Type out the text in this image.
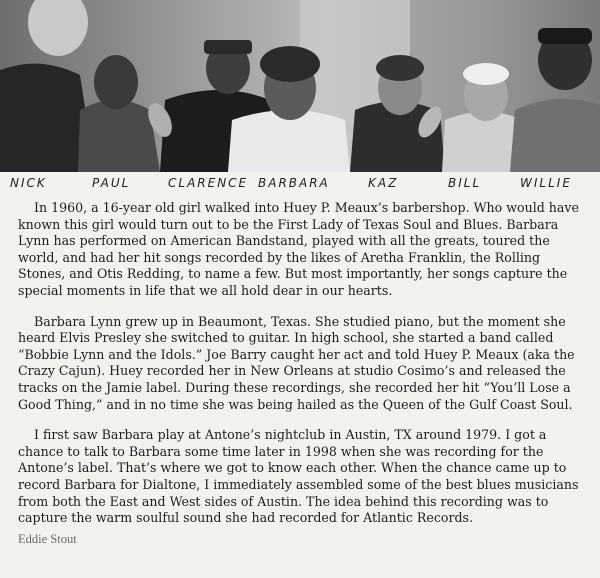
NICK	PAUL	CLARENCE BARBARA	KAZ	BILL	WILLIE

In 1960, a 16-year old girl walked into Huey P. Meaux’s barbershop. Who would have known this girl would turn out to be the First Lady of Texas Soul and Blues. Barbara Lynn has performed on American Bandstand, played with all the greats, toured the world, and had her hit songs recorded by the likes of Aretha Franklin, the Rolling Stones, and Otis Redding, to name a few. But most importantly, her songs capture the special moments in life that we all hold dear in our hearts.

Barbara Lynn grew up in Beaumont, Texas. She studied piano, but the moment she heard Elvis Presley she switched to guitar. In high school, she started a band called “Bobbie Lynn and the Idols.” Joe Barry caught her act and told Huey P. Meaux (aka the Crazy Cajun). Huey recorded her in New Orleans at studio Cosimo’s and released the tracks on the Jamie label. During these recordings, she recorded her hit “You’ll Lose a Good Thing,” and in no time she was being hailed as the Queen of the Gulf Coast Soul.

I first saw Barbara play at Antone’s nightclub in Austin, TX around 1979. I got a chance to talk to Barbara some time later in 1998 when she was recording for the Antone’s label. That’s where we got to know each other. When the chance came up to record Barbara for Dialtone, I immediately assembled some of the best blues musicians from both the East and West sides of Austin. The idea behind this recording was to capture the warm soulful sound she had recorded for Atlantic Records.

Eddie Stout
